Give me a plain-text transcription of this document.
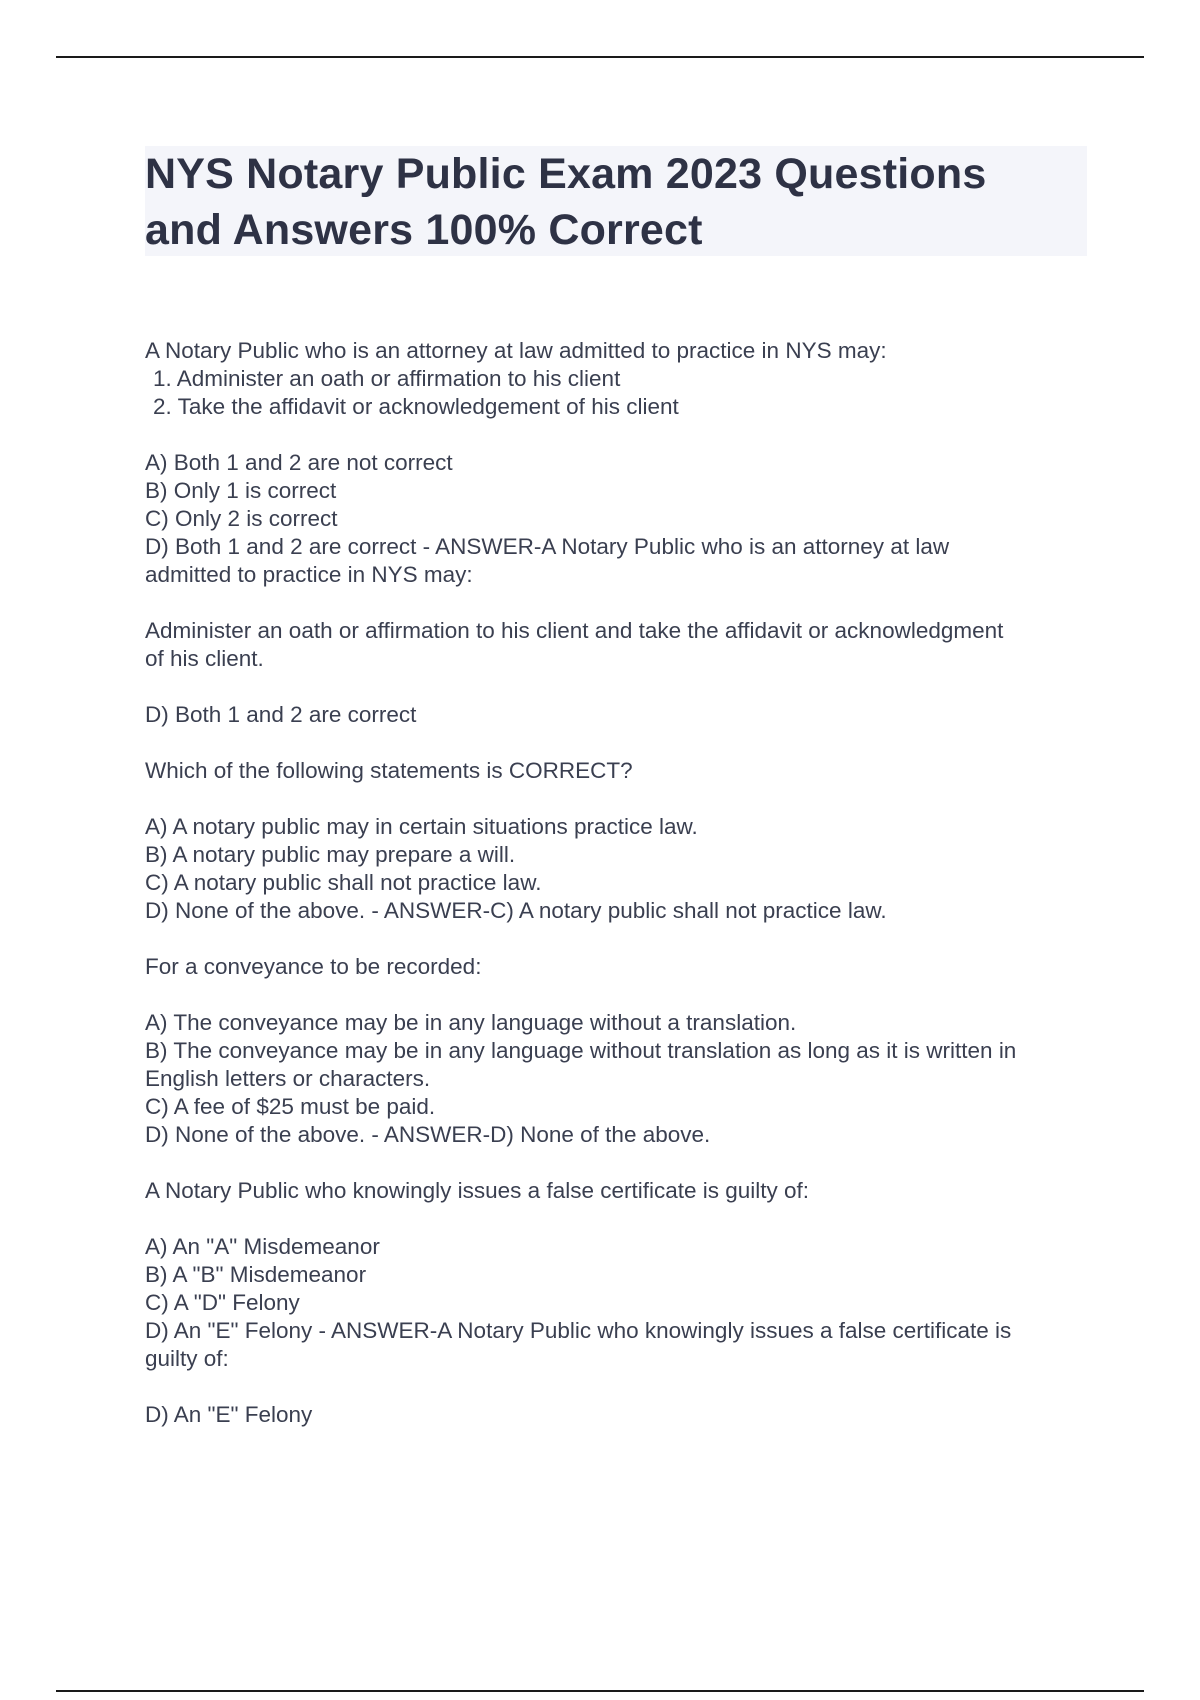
NYS Notary Public Exam 2023 Questions
and Answers 100% Correct

A Notary Public who is an attorney at law admitted to practice in NYS may:

1. Administer an oath or affirmation to his client

2. Take the affidavit or acknowledgement of his client

A) Both 1 and 2 are not correct

B) Only 1 is correct

C) Only 2 is correct

D) Both 1 and 2 are correct - ANSWER-A Notary Public who is an attorney at law

admitted to practice in NYS may:

Administer an oath or affirmation to his client and take the affidavit or acknowledgment

of his client.

D) Both 1 and 2 are correct

Which of the following statements is CORRECT?

A) A notary public may in certain situations practice law.

B) A notary public may prepare a will.

C) A notary public shall not practice law.

D) None of the above. - ANSWER-C) A notary public shall not practice law.

For a conveyance to be recorded:

A) The conveyance may be in any language without a translation.

B) The conveyance may be in any language without translation as long as it is written in

English letters or characters.

C) A fee of $25 must be paid.

D) None of the above. - ANSWER-D) None of the above.

A Notary Public who knowingly issues a false certificate is guilty of:

A) An "A" Misdemeanor

B) A "B" Misdemeanor

C) A "D" Felony

D) An "E" Felony - ANSWER-A Notary Public who knowingly issues a false certificate is

guilty of:

D) An "E" Felony
